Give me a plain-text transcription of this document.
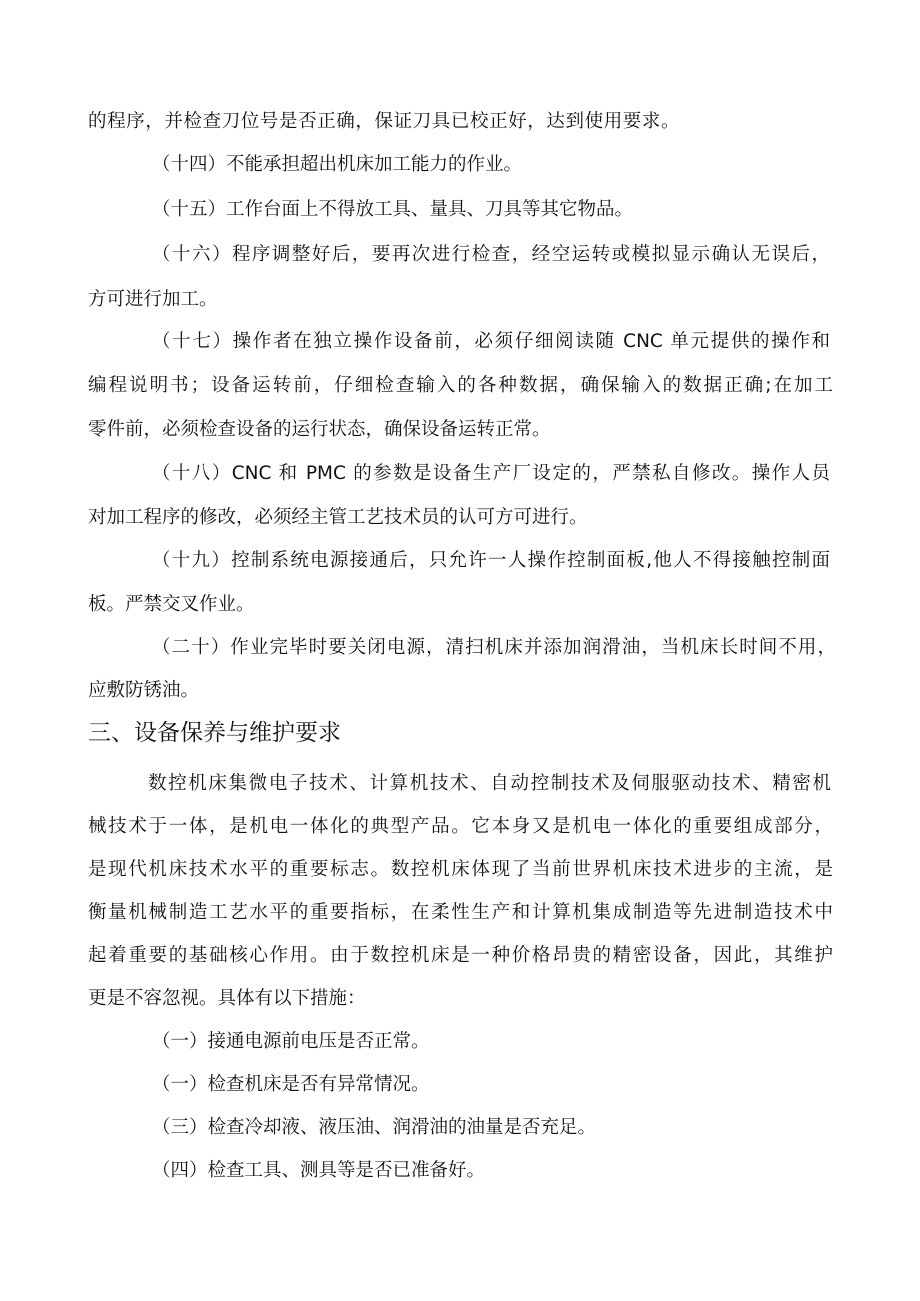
的程序，并检查刀位号是否正确，保证刀具已校正好，达到使用要求。
（十四）不能承担超出机床加工能力的作业。
（十五）工作台面上不得放工具、量具、刀具等其它物品。
（十六）程序调整好后，要再次进行检查，经空运转或模拟显示确认无误后，
方可进行加工。
（十七）操作者在独立操作设备前，必须仔细阅读随 CNC 单元提供的操作和
编程说明书；设备运转前，仔细检查输入的各种数据，确保输入的数据正确;在加工
零件前，必须检查设备的运行状态，确保设备运转正常。
（十八）CNC 和 PMC 的参数是设备生产厂设定的，严禁私自修改。操作人员
对加工程序的修改，必须经主管工艺技术员的认可方可进行。
（十九）控制系统电源接通后，只允许一人操作控制面板,他人不得接触控制面
板。严禁交叉作业。
（二十）作业完毕时要关闭电源，清扫机床并添加润滑油，当机床长时间不用，
应敷防锈油。
三、设备保养与维护要求
数控机床集微电子技术、计算机技术、自动控制技术及伺服驱动技术、精密机
械技术于一体，是机电一体化的典型产品。它本身又是机电一体化的重要组成部分，
是现代机床技术水平的重要标志。数控机床体现了当前世界机床技术进步的主流，是
衡量机械制造工艺水平的重要指标，在柔性生产和计算机集成制造等先进制造技术中
起着重要的基础核心作用。由于数控机床是一种价格昂贵的精密设备，因此，其维护
更是不容忽视。具体有以下措施：
（一）接通电源前电压是否正常。
（一）检查机床是否有异常情况。
（三）检查冷却液、液压油、润滑油的油量是否充足。
（四）检查工具、测具等是否已准备好。
